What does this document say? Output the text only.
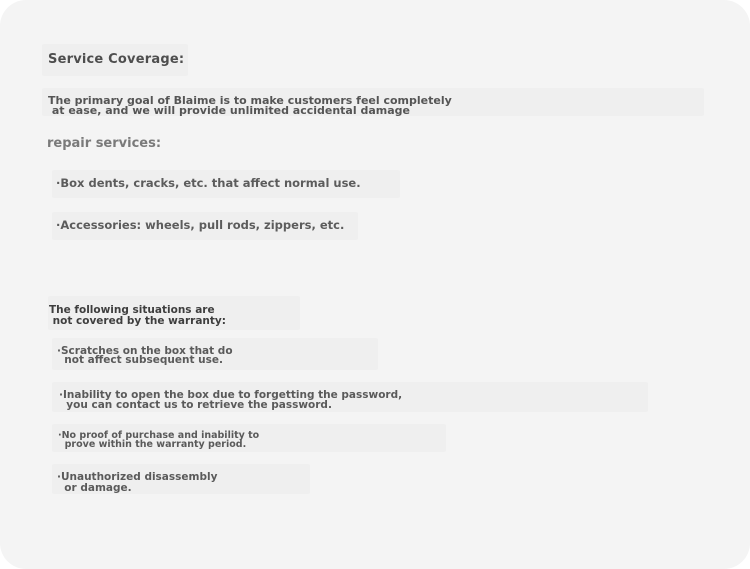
Service Coverage:
The primary goal of Blaime is to make customers feel completely
at ease, and we will provide unlimited accidental damage
repair services:
·Box dents, cracks, etc. that affect normal use.
·Accessories: wheels, pull rods, zippers, etc.
The following situations are
not covered by the warranty:
·Scratches on the box that do
not affect subsequent use.
·Inability to open the box due to forgetting the password,
you can contact us to retrieve the password.
·No proof of purchase and inability to
prove within the warranty period.
·Unauthorized disassembly
or damage.
